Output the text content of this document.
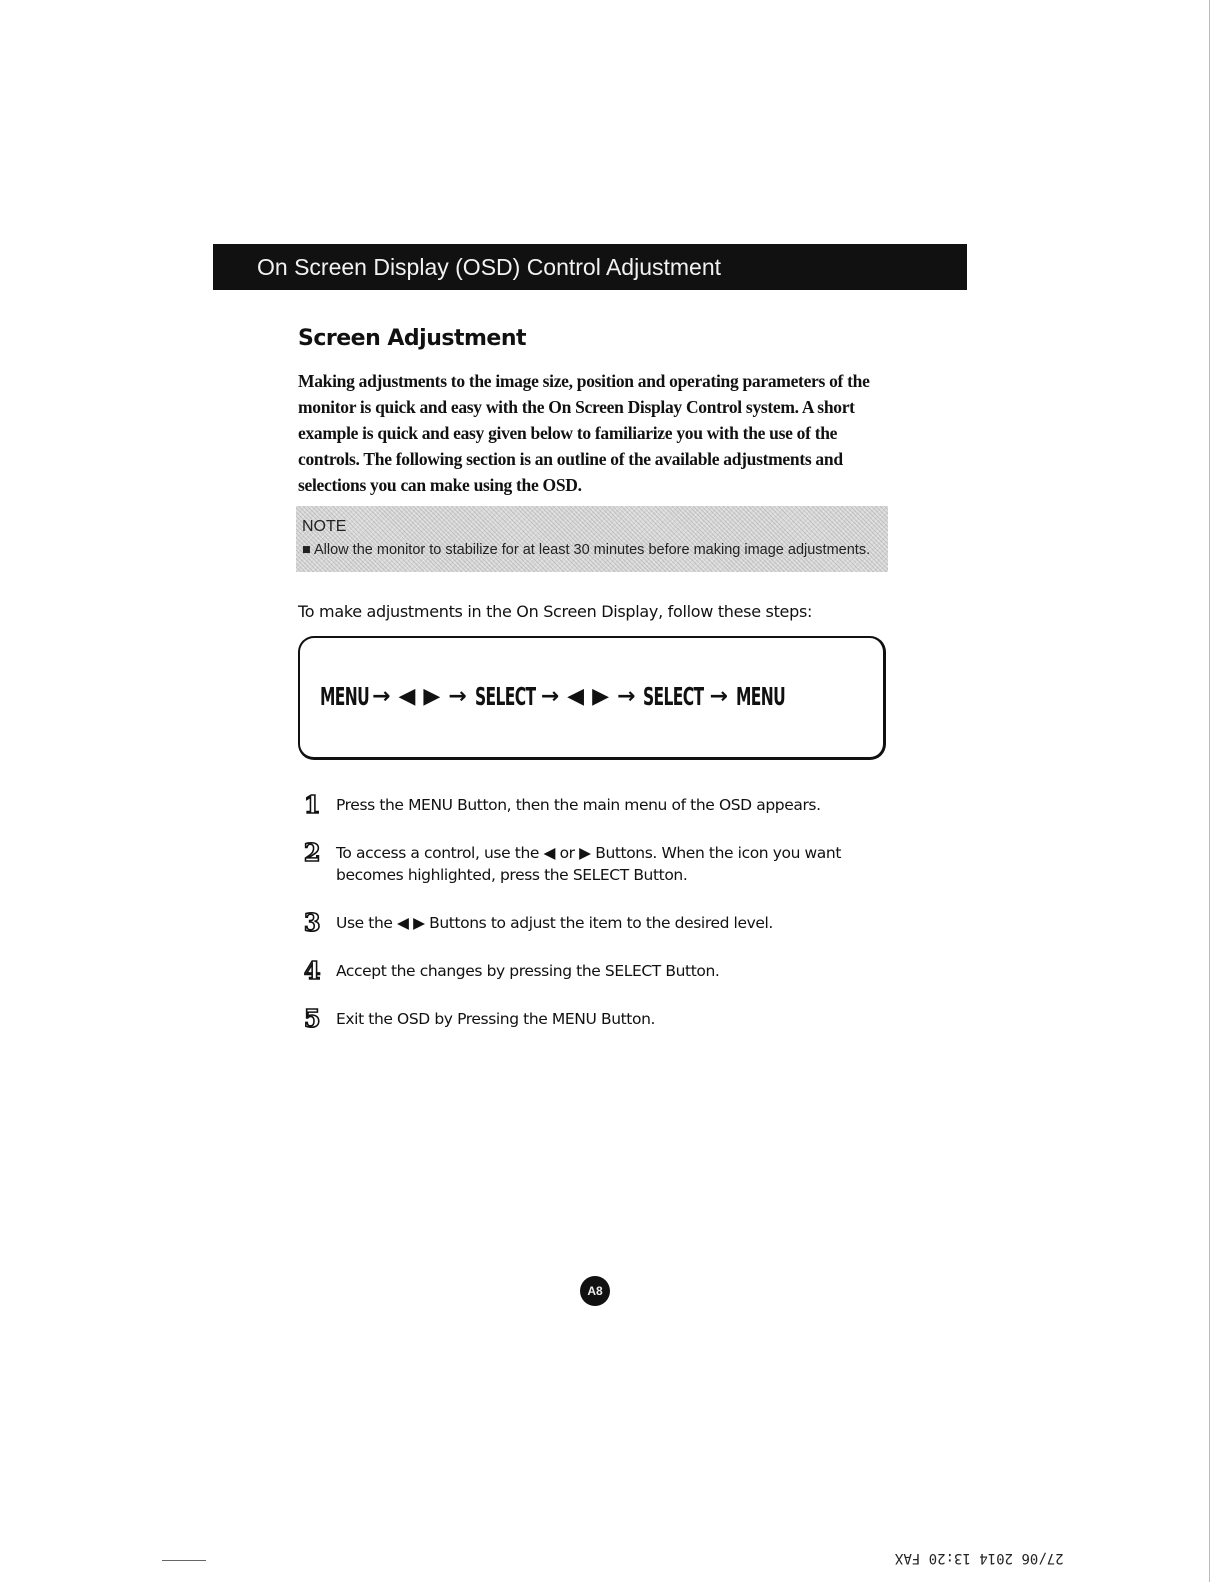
On Screen Display (OSD) Control Adjustment
Screen Adjustment
Making adjustments to the image size, position and operating parameters of the monitor is quick and easy with the On Screen Display Control system. A short example is quick and easy given below to familiarize you with the use of the controls. The following section is an outline of the available adjustments and selections you can make using the OSD.
NOTE
■ Allow the monitor to stabilize for at least 30 minutes before making image adjustments.
To make adjustments in the On Screen Display, follow these steps:
MENU → ◀ ▶ → SELECT → ◀ ▶ → SELECT → MENU
1	Press the MENU Button, then the main menu of the OSD appears.
2	To access a control, use the ◀ or ▶ Buttons. When the icon you want becomes highlighted, press the SELECT Button.
3	Use the ◀ ▶ Buttons to adjust the item to the desired level.
4	Accept the changes by pressing the SELECT Button.
5	Exit the OSD by Pressing the MENU Button.
A8
27/06 2014 13:20 FAX
